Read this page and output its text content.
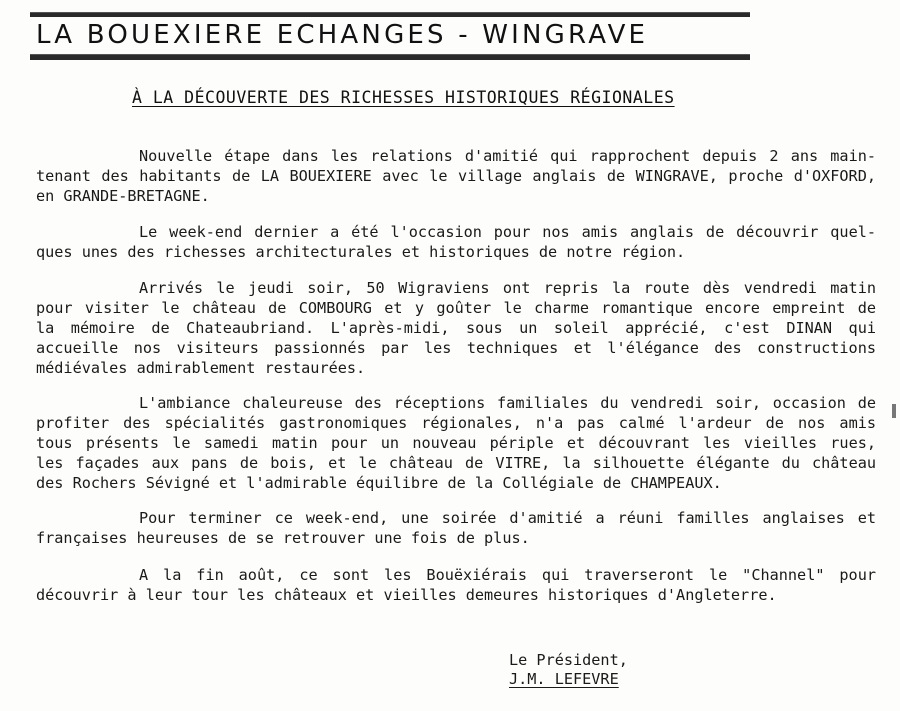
LA BOUEXIERE ECHANGES - WINGRAVE
À LA DÉCOUVERTE DES RICHESSES HISTORIQUES RÉGIONALES
Nouvelle étape dans les relations d'amitié qui rapprochent depuis 2 ans main-
tenant des habitants de LA BOUEXIERE avec le village anglais de WINGRAVE, proche d'OXFORD,
en GRANDE-BRETAGNE.
Le week-end dernier a été l'occasion pour nos amis anglais de découvrir quel-
ques unes des richesses architecturales et historiques de notre région.
Arrivés le jeudi soir, 50 Wigraviens ont repris la route dès vendredi matin
pour visiter le château de COMBOURG et y goûter le charme romantique encore empreint de
la mémoire de Chateaubriand. L'après-midi, sous un soleil apprécié, c'est DINAN qui
accueille nos visiteurs passionnés par les techniques et l'élégance des constructions
médiévales admirablement restaurées.
L'ambiance chaleureuse des réceptions familiales du vendredi soir, occasion de
profiter des spécialités gastronomiques régionales, n'a pas calmé l'ardeur de nos amis
tous présents le samedi matin pour un nouveau périple et découvrant les vieilles rues,
les façades aux pans de bois, et le château de VITRE, la silhouette élégante du château
des Rochers Sévigné et l'admirable équilibre de la Collégiale de CHAMPEAUX.
Pour terminer ce week-end, une soirée d'amitié a réuni familles anglaises et
françaises heureuses de se retrouver une fois de plus.
A la fin août, ce sont les Bouëxiérais qui traverseront le "Channel" pour
découvrir à leur tour les châteaux et vieilles demeures historiques d'Angleterre.
Le Président,
J.M. LEFEVRE
